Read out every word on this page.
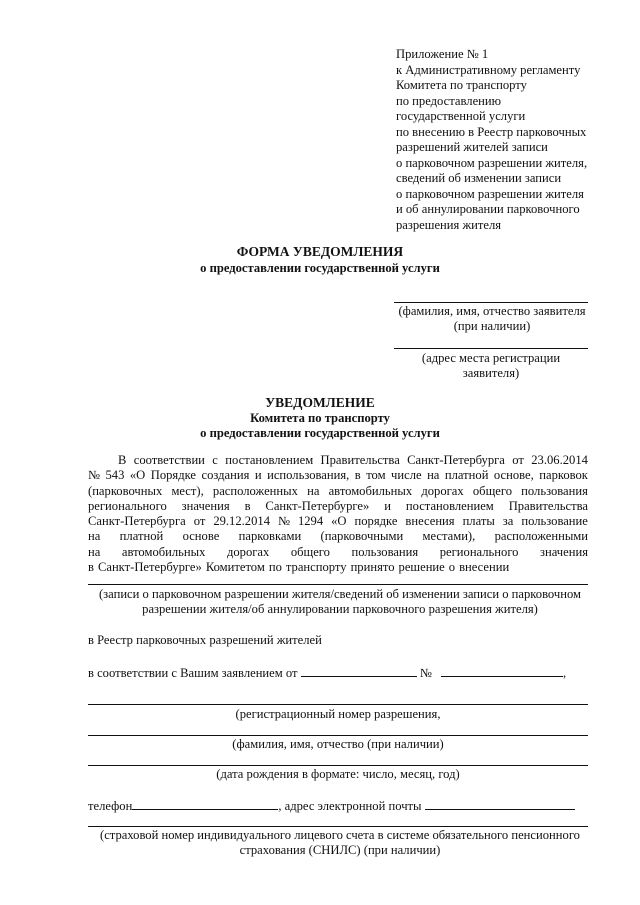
Приложение № 1
к Административному регламенту
Комитета по транспорту
по предоставлению
государственной услуги
по внесению в Реестр парковочных
разрешений жителей записи
о парковочном разрешении жителя,
сведений об изменении записи
о парковочном разрешении жителя
и об аннулировании парковочного
разрешения жителя
ФОРМА УВЕДОМЛЕНИЯ
о предоставлении государственной услуги
(фамилия, имя, отчество заявителя
(при наличии)
(адрес места регистрации
заявителя)
УВЕДОМЛЕНИЕ
Комитета по транспорту
о предоставлении государственной услуги
В соответствии с постановлением Правительства Санкт-Петербурга от 23.06.2014
№ 543 «О Порядке создания и использования, в том числе на платной основе, парковок
(парковочных мест), расположенных на автомобильных дорогах общего пользования
регионального значения в Санкт-Петербурге» и постановлением Правительства
Санкт-Петербурга от 29.12.2014 № 1294 «О порядке внесения платы за пользование
на платной основе парковками (парковочными местами), расположенными
на автомобильных дорогах общего пользования регионального значения
в Санкт-Петербурге» Комитетом по транспорту принято решение о внесении
(записи о парковочном разрешении жителя/сведений об изменении записи о парковочном
разрешении жителя/об аннулировании парковочного разрешения жителя)
в Реестр парковочных разрешений жителей
в соответствии с Вашим заявлением от	№	,
(регистрационный номер разрешения,
(фамилия, имя, отчество (при наличии)
(дата рождения в формате: число, месяц, год)
телефон	, адрес электронной почты
(страховой номер индивидуального лицевого счета в системе обязательного пенсионного
страхования (СНИЛС) (при наличии)
